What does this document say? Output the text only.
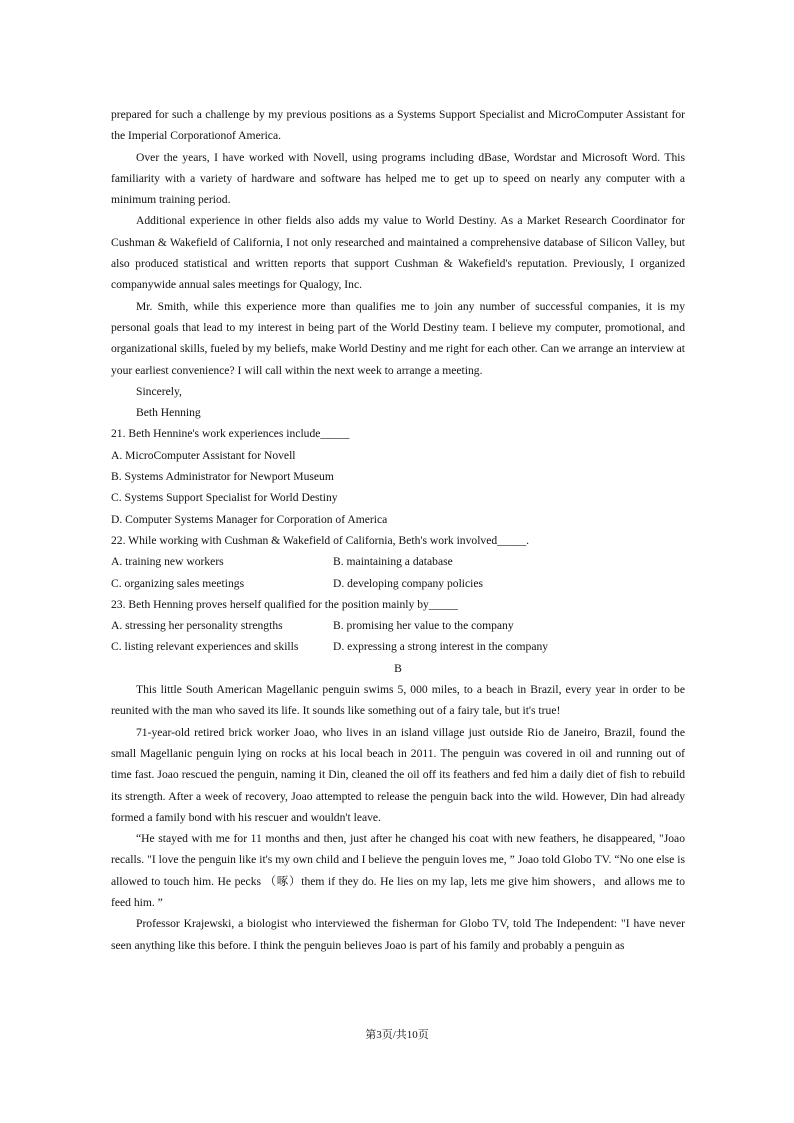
prepared for such a challenge by my previous positions as a Systems Support Specialist and MicroComputer Assistant for the Imperial Corporationof America.

Over the years, I have worked with Novell, using programs including dBase, Wordstar and Microsoft Word. This familiarity with a variety of hardware and software has helped me to get up to speed on nearly any computer with a minimum training period.

Additional experience in other fields also adds my value to World Destiny. As a Market Research Coordinator for Cushman & Wakefield of California, I not only researched and maintained a comprehensive database of Silicon Valley, but also produced statistical and written reports that support Cushman & Wakefield's reputation. Previously, I organized companywide annual sales meetings for Qualogy, Inc.

Mr. Smith, while this experience more than qualifies me to join any number of successful companies, it is my personal goals that lead to my interest in being part of the World Destiny team. I believe my computer, promotional, and organizational skills, fueled by my beliefs, make World Destiny and me right for each other. Can we arrange an interview at your earliest convenience? I will call within the next week to arrange a meeting.

Sincerely,

Beth Henning

21. Beth Hennine's work experiences include_____

A. MicroComputer Assistant for Novell

B. Systems Administrator for Newport Museum

C. Systems Support Specialist for World Destiny

D. Computer Systems Manager for Corporation of America

22. While working with Cushman & Wakefield of California, Beth's work involved_____.

A. training new workers	B. maintaining a database
C. organizing sales meetings	D. developing company policies

23. Beth Henning proves herself qualified for the position mainly by_____

A. stressing her personality strengths	B. promising her value to the company
C. listing relevant experiences and skills	D. expressing a strong interest in the company

B

This little South American Magellanic penguin swims 5, 000 miles, to a beach in Brazil, every year in order to be reunited with the man who saved its life. It sounds like something out of a fairy tale, but it's true!

71-year-old retired brick worker Joao, who lives in an island village just outside Rio de Janeiro, Brazil, found the small Magellanic penguin lying on rocks at his local beach in 2011. The penguin was covered in oil and running out of time fast. Joao rescued the penguin, naming it Din, cleaned the oil off its feathers and fed him a daily diet of fish to rebuild its strength. After a week of recovery, Joao attempted to release the penguin back into the wild. However, Din had already formed a family bond with his rescuer and wouldn't leave.

“He stayed with me for 11 months and then, just after he changed his coat with new feathers, he disappeared, "Joao recalls. "I love the penguin like it's my own child and I believe the penguin loves me, ” Joao told Globo TV. “No one else is allowed to touch him. He pecks （啄）them if they do. He lies on my lap, lets me give him showers，and allows me to feed him. ”

Professor Krajewski, a biologist who interviewed the fisherman for Globo TV, told The Independent: "I have never seen anything like this before. I think the penguin believes Joao is part of his family and probably a penguin as

第3页/共10页
